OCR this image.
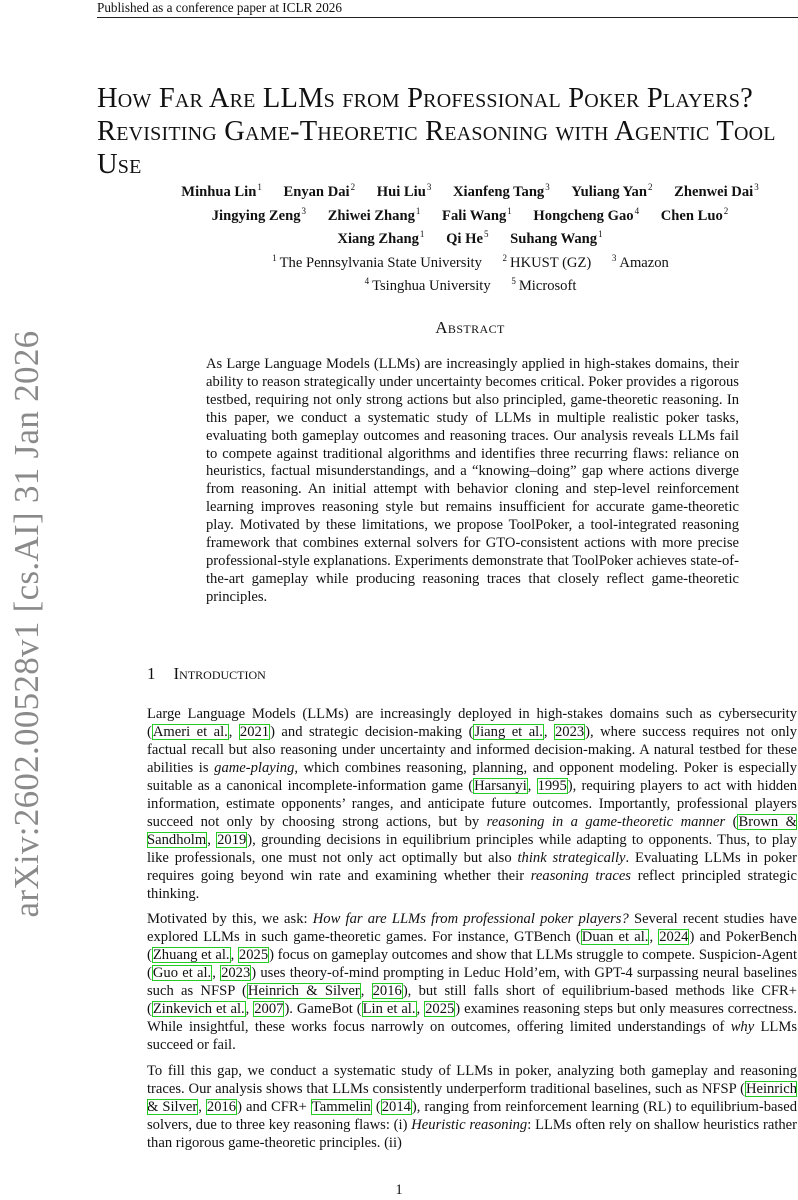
Published as a conference paper at ICLR 2026
arXiv:2602.00528v1 [cs.AI] 31 Jan 2026
How Far Are LLMs from Professional Poker Players? Revisiting Game-Theoretic Reasoning with Agentic Tool Use
Minhua Lin$^1$ Enyan Dai$^2$ Hui Liu$^3$ Xianfeng Tang$^3$ Yuliang Yan$^2$ Zhenwei Dai$^3$
Jingying Zeng$^3$ Zhiwei Zhang$^1$ Fali Wang$^1$ Hongcheng Gao$^4$ Chen Luo$^2$
Xiang Zhang$^1$ Qi He$^5$ Suhang Wang$^1$
$^1$ The Pennsylvania State University $^2$ HKUST (GZ) $^3$ Amazon
$^4$ Tsinghua University $^5$ Microsoft
Abstract

As Large Language Models (LLMs) are increasingly applied in high-stakes domains, their ability to reason strategically under uncertainty becomes critical. Poker provides a rigorous testbed, requiring not only strong actions but also principled, game-theoretic reasoning. In this paper, we conduct a systematic study of LLMs in multiple realistic poker tasks, evaluating both gameplay outcomes and reasoning traces. Our analysis reveals LLMs fail to compete against traditional algorithms and identifies three recurring flaws: reliance on heuristics, factual misunderstandings, and a “knowing–doing” gap where actions diverge from reasoning. An initial attempt with behavior cloning and step-level reinforcement learning improves reasoning style but remains insufficient for accurate game-theoretic play. Motivated by these limitations, we propose ToolPoker, a tool-integrated reasoning framework that combines external solvers for GTO-consistent actions with more precise professional-style explanations. Experiments demonstrate that ToolPoker achieves state-of-the-art gameplay while producing reasoning traces that closely reflect game-theoretic principles.

1 Introduction

Large Language Models (LLMs) are increasingly deployed in high-stakes domains such as cybersecurity (Ameri et al., 2021) and strategic decision-making (Jiang et al., 2023), where success requires not only factual recall but also reasoning under uncertainty and informed decision-making. A natural testbed for these abilities is game-playing, which combines reasoning, planning, and opponent modeling. Poker is especially suitable as a canonical incomplete-information game (Harsanyi, 1995), requiring players to act with hidden information, estimate opponents’ ranges, and anticipate future outcomes. Importantly, professional players succeed not only by choosing strong actions, but by reasoning in a game-theoretic manner (Brown & Sandholm, 2019), grounding decisions in equilibrium principles while adapting to opponents. Thus, to play like professionals, one must not only act optimally but also think strategically. Evaluating LLMs in poker requires going beyond win rate and examining whether their reasoning traces reflect principled strategic thinking.

Motivated by this, we ask: How far are LLMs from professional poker players? Several recent studies have explored LLMs in such game-theoretic games. For instance, GTBench (Duan et al., 2024) and PokerBench (Zhuang et al., 2025) focus on gameplay outcomes and show that LLMs struggle to compete. Suspicion-Agent (Guo et al., 2023) uses theory-of-mind prompting in Leduc Hold’em, with GPT-4 surpassing neural baselines such as NFSP (Heinrich & Silver, 2016), but still falls short of equilibrium-based methods like CFR+ (Zinkevich et al., 2007). GameBot (Lin et al., 2025) examines reasoning steps but only measures correctness. While insightful, these works focus narrowly on outcomes, offering limited understandings of why LLMs succeed or fail.

To fill this gap, we conduct a systematic study of LLMs in poker, analyzing both gameplay and reasoning traces. Our analysis shows that LLMs consistently underperform traditional baselines, such as NFSP (Heinrich & Silver, 2016) and CFR+ Tammelin (2014), ranging from reinforcement learning (RL) to equilibrium-based solvers, due to three key reasoning flaws: (i) Heuristic reasoning: LLMs often rely on shallow heuristics rather than rigorous game-theoretic principles. (ii)

1
